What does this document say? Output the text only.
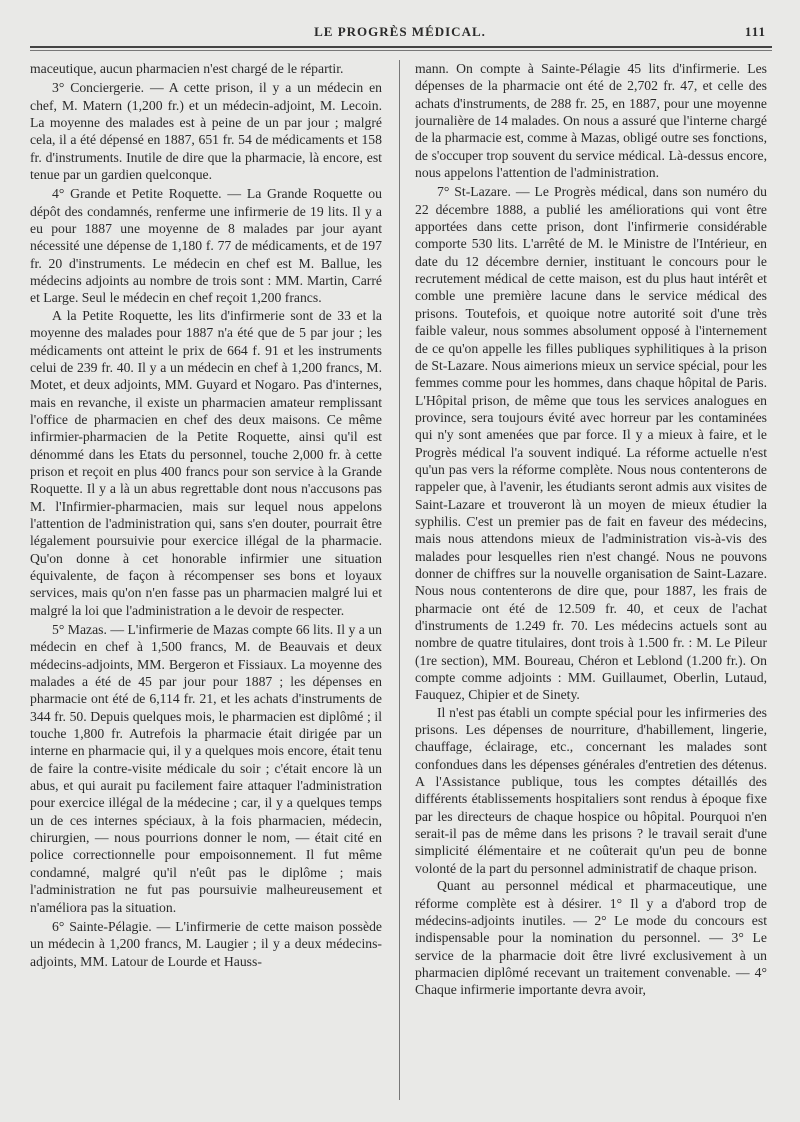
LE PROGRÈS MÉDICAL.	111

maceutique, aucun pharmacien n'est chargé de le répartir.

3° Conciergerie. — A cette prison, il y a un médecin en chef, M. Matern (1,200 fr.) et un médecin-adjoint, M. Lecoin. La moyenne des malades est à peine de un par jour ; malgré cela, il a été dépensé en 1887, 651 fr. 54 de médicaments et 158 fr. d'instruments. Inutile de dire que la pharmacie, là encore, est tenue par un gardien quelconque.

4° Grande et Petite Roquette. — La Grande Roquette ou dépôt des condamnés, renferme une infirmerie de 19 lits. Il y a eu pour 1887 une moyenne de 8 malades par jour ayant nécessité une dépense de 1,180 f. 77 de médicaments, et de 197 fr. 20 d'instruments. Le médecin en chef est M. Ballue, les médecins adjoints au nombre de trois sont : MM. Martin, Carré et Large. Seul le médecin en chef reçoit 1,200 francs.

A la Petite Roquette, les lits d'infirmerie sont de 33 et la moyenne des malades pour 1887 n'a été que de 5 par jour ; les médicaments ont atteint le prix de 664 f. 91 et les instruments celui de 239 fr. 40. Il y a un médecin en chef à 1,200 francs, M. Motet, et deux adjoints, MM. Guyard et Nogaro. Pas d'internes, mais en revanche, il existe un pharmacien amateur remplissant l'office de pharmacien en chef des deux maisons. Ce même infirmier-pharmacien de la Petite Roquette, ainsi qu'il est dénommé dans les Etats du personnel, touche 2,000 fr. à cette prison et reçoit en plus 400 francs pour son service à la Grande Roquette. Il y a là un abus regrettable dont nous n'accusons pas M. l'Infirmier-pharmacien, mais sur lequel nous appelons l'attention de l'administration qui, sans s'en douter, pourrait être légalement poursuivie pour exercice illégal de la pharmacie. Qu'on donne à cet honorable infirmier une situation équivalente, de façon à récompenser ses bons et loyaux services, mais qu'on n'en fasse pas un pharmacien malgré lui et malgré la loi que l'administration a le devoir de respecter.

5° Mazas. — L'infirmerie de Mazas compte 66 lits. Il y a un médecin en chef à 1,500 francs, M. de Beauvais et deux médecins-adjoints, MM. Bergeron et Fissiaux. La moyenne des malades a été de 45 par jour pour 1887 ; les dépenses en pharmacie ont été de 6,114 fr. 21, et les achats d'instruments de 344 fr. 50. Depuis quelques mois, le pharmacien est diplômé ; il touche 1,800 fr. Autrefois la pharmacie était dirigée par un interne en pharmacie qui, il y a quelques mois encore, était tenu de faire la contre-visite médicale du soir ; c'était encore là un abus, et qui aurait pu facilement faire attaquer l'administration pour exercice illégal de la médecine ; car, il y a quelques temps un de ces internes spéciaux, à la fois pharmacien, médecin, chirurgien, — nous pourrions donner le nom, — était cité en police correctionnelle pour empoisonnement. Il fut même condamné, malgré qu'il n'eût pas le diplôme ; mais l'administration ne fut pas poursuivie malheureusement et n'améliora pas la situation.

6° Sainte-Pélagie. — L'infirmerie de cette maison possède un médecin à 1,200 francs, M. Laugier ; il y a deux médecins-adjoints, MM. Latour de Lourde et Hauss-

mann. On compte à Sainte-Pélagie 45 lits d'infirmerie. Les dépenses de la pharmacie ont été de 2,702 fr. 47, et celle des achats d'instruments, de 288 fr. 25, en 1887, pour une moyenne journalière de 14 malades. On nous a assuré que l'interne chargé de la pharmacie est, comme à Mazas, obligé outre ses fonctions, de s'occuper trop souvent du service médical. Là-dessus encore, nous appelons l'attention de l'administration.

7° St-Lazare. — Le Progrès médical, dans son numéro du 22 décembre 1888, a publié les améliorations qui vont être apportées dans cette prison, dont l'infirmerie considérable comporte 530 lits. L'arrêté de M. le Ministre de l'Intérieur, en date du 12 décembre dernier, instituant le concours pour le recrutement médical de cette maison, est du plus haut intérêt et comble une première lacune dans le service médical des prisons. Toutefois, et quoique notre autorité soit d'une très faible valeur, nous sommes absolument opposé à l'internement de ce qu'on appelle les filles publiques syphilitiques à la prison de St-Lazare. Nous aimerions mieux un service spécial, pour les femmes comme pour les hommes, dans chaque hôpital de Paris. L'Hôpital prison, de même que tous les services analogues en province, sera toujours évité avec horreur par les contaminées qui n'y sont amenées que par force. Il y a mieux à faire, et le Progrès médical l'a souvent indiqué. La réforme actuelle n'est qu'un pas vers la réforme complète. Nous nous contenterons de rappeler que, à l'avenir, les étudiants seront admis aux visites de Saint-Lazare et trouveront là un moyen de mieux étudier la syphilis. C'est un premier pas de fait en faveur des médecins, mais nous attendons mieux de l'administration vis-à-vis des malades pour lesquelles rien n'est changé. Nous ne pouvons donner de chiffres sur la nouvelle organisation de Saint-Lazare. Nous nous contenterons de dire que, pour 1887, les frais de pharmacie ont été de 12.509 fr. 40, et ceux de l'achat d'instruments de 1.249 fr. 70. Les médecins actuels sont au nombre de quatre titulaires, dont trois à 1.500 fr. : M. Le Pileur (1re section), MM. Boureau, Chéron et Leblond (1.200 fr.). On compte comme adjoints : MM. Guillaumet, Oberlin, Lutaud, Fauquez, Chipier et de Sinety.

Il n'est pas établi un compte spécial pour les infirmeries des prisons. Les dépenses de nourriture, d'habillement, lingerie, chauffage, éclairage, etc., concernant les malades sont confondues dans les dépenses générales d'entretien des détenus. A l'Assistance publique, tous les comptes détaillés des différents établissements hospitaliers sont rendus à époque fixe par les directeurs de chaque hospice ou hôpital. Pourquoi n'en serait-il pas de même dans les prisons ? le travail serait d'une simplicité élémentaire et ne coûterait qu'un peu de bonne volonté de la part du personnel administratif de chaque prison.

Quant au personnel médical et pharmaceutique, une réforme complète est à désirer. 1° Il y a d'abord trop de médecins-adjoints inutiles. — 2° Le mode du concours est indispensable pour la nomination du personnel. — 3° Le service de la pharmacie doit être livré exclusivement à un pharmacien diplômé recevant un traitement convenable. — 4° Chaque infirmerie importante devra avoir,
